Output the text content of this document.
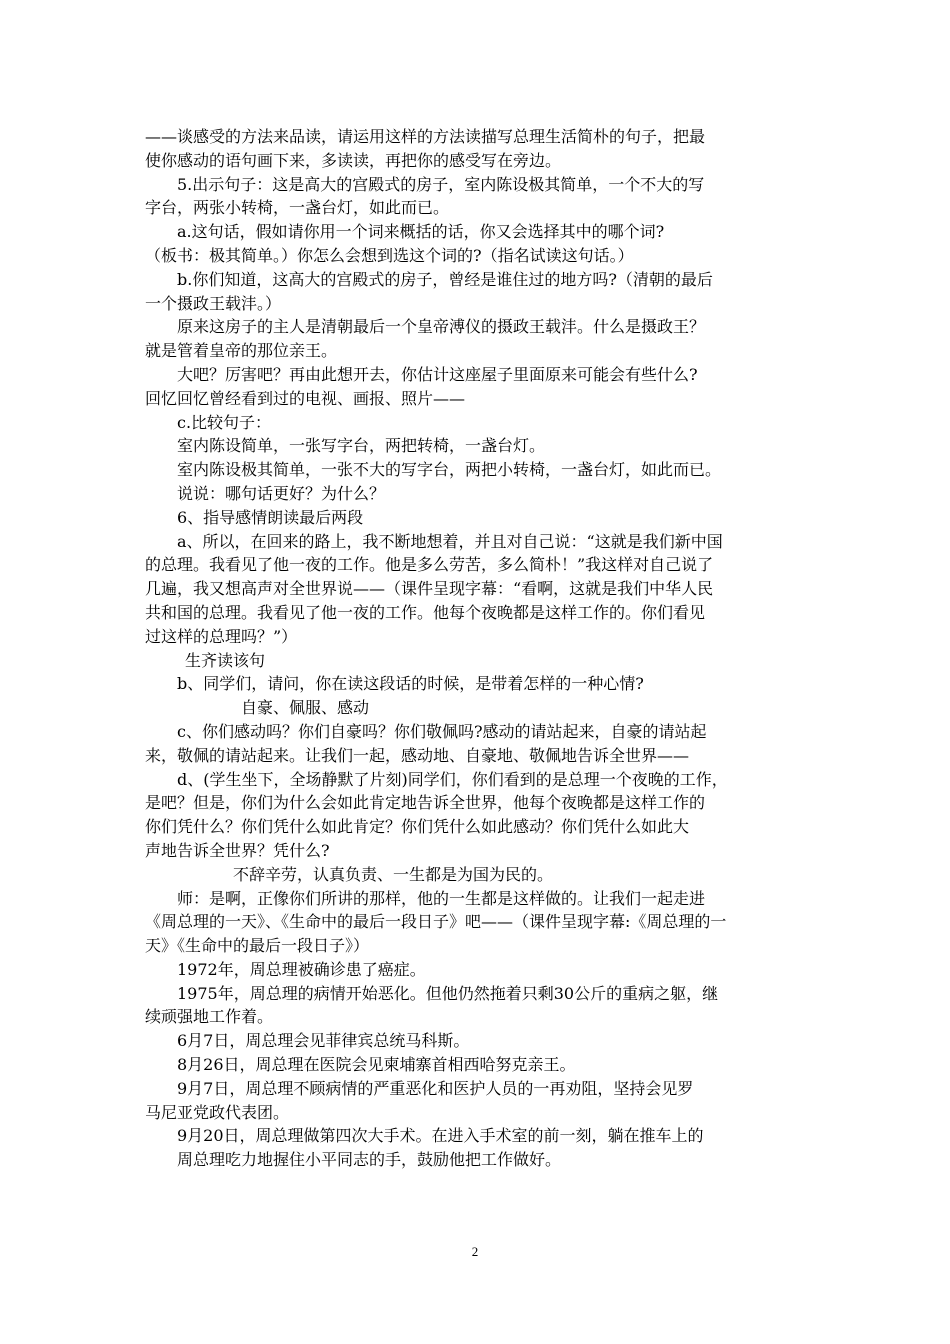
——谈感受的方法来品读，请运用这样的方法读描写总理生活简朴的句子，把最
使你感动的语句画下来，多读读，再把你的感受写在旁边。
5.出示句子：这是高大的宫殿式的房子，室内陈设极其简单，一个不大的写
字台，两张小转椅，一盏台灯，如此而已。
a.这句话，假如请你用一个词来概括的话，你又会选择其中的哪个词?
（板书：极其简单。）你怎么会想到选这个词的?（指名试读这句话。）
b.你们知道，这高大的宫殿式的房子，曾经是谁住过的地方吗?（清朝的最后
一个摄政王载沣。）
原来这房子的主人是清朝最后一个皇帝溥仪的摄政王载沣。什么是摄政王？
就是管着皇帝的那位亲王。
大吧？厉害吧？再由此想开去，你估计这座屋子里面原来可能会有些什么?
回忆回忆曾经看到过的电视、画报、照片——
c.比较句子：
室内陈设简单，一张写字台，两把转椅，一盏台灯。
室内陈设极其简单，一张不大的写字台，两把小转椅，一盏台灯，如此而已。
说说：哪句话更好？为什么？
6、指导感情朗读最后两段
a、所以，在回来的路上，我不断地想着，并且对自己说：“这就是我们新中国
的总理。我看见了他一夜的工作。他是多么劳苦，多么简朴！”我这样对自己说了
几遍，我又想高声对全世界说——（课件呈现字幕：“看啊，这就是我们中华人民
共和国的总理。我看见了他一夜的工作。他每个夜晚都是这样工作的。你们看见
过这样的总理吗？”）
生齐读该句
b、同学们，请问，你在读这段话的时候，是带着怎样的一种心情?
自豪、佩服、感动
c、你们感动吗？你们自豪吗？你们敬佩吗?感动的请站起来，自豪的请站起
来，敬佩的请站起来。让我们一起，感动地、自豪地、敬佩地告诉全世界——
d、(学生坐下，全场静默了片刻)同学们，你们看到的是总理一个夜晚的工作，
是吧？但是，你们为什么会如此肯定地告诉全世界，他每个夜晚都是这样工作的
你们凭什么？你们凭什么如此肯定？你们凭什么如此感动？你们凭什么如此大
声地告诉全世界？凭什么?
不辞辛劳，认真负责、一生都是为国为民的。
师：是啊，正像你们所讲的那样，他的一生都是这样做的。让我们一起走进
《周总理的一天》、《生命中的最后一段日子》吧——（课件呈现字幕:《周总理的一
天》《生命中的最后一段日子》）
1972年，周总理被确诊患了癌症。
1975年，周总理的病情开始恶化。但他仍然拖着只剩30公斤的重病之躯，继
续顽强地工作着。
6月7日，周总理会见菲律宾总统马科斯。
8月26日，周总理在医院会见柬埔寨首相西哈努克亲王。
9月7日，周总理不顾病情的严重恶化和医护人员的一再劝阻，坚持会见罗
马尼亚党政代表团。
9月20日，周总理做第四次大手术。在进入手术室的前一刻，躺在推车上的
周总理吃力地握住小平同志的手，鼓励他把工作做好。
2
